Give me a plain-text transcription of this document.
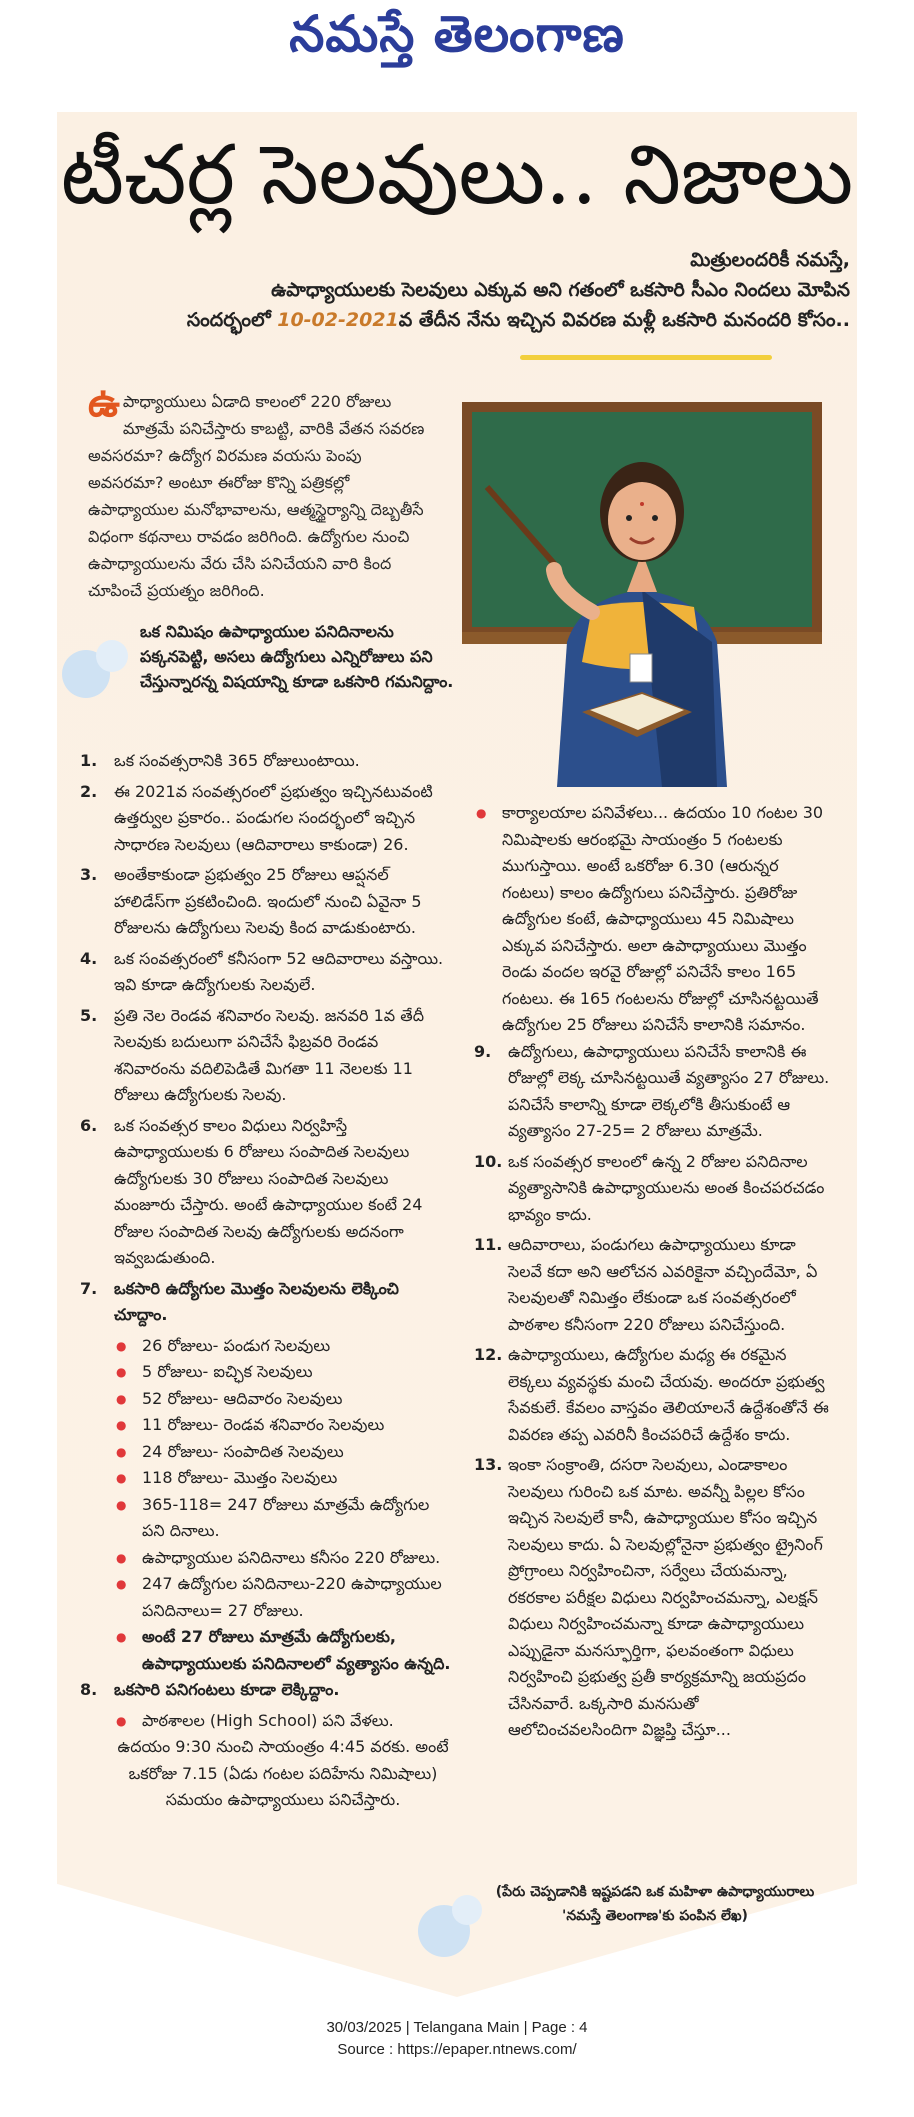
నమస్తే తెలంగాణ
టీచర్ల సెలవులు.. నిజాలు
మిత్రులందరికీ నమస్తే,
ఉపాధ్యాయులకు సెలవులు ఎక్కువ అని గతంలో ఒకసారి సీఎం నిందలు మోపిన
సందర్భంలో 10-02-2021వ తేదీన నేను ఇచ్చిన వివరణ మళ్లీ ఒకసారి మనందరి కోసం..
ఉపాధ్యాయులు ఏడాది కాలంలో 220 రోజులు మాత్రమే పనిచేస్తారు కాబట్టి, వారికి వేతన సవరణ అవసరమా? ఉద్యోగ విరమణ వయసు పెంపు అవసరమా? అంటూ ఈరోజు కొన్ని పత్రికల్లో ఉపాధ్యాయుల మనోభావాలను, ఆత్మస్థైర్యాన్ని దెబ్బతీసే విధంగా కథనాలు రావడం జరిగింది. ఉద్యోగుల నుంచి ఉపాధ్యాయులను వేరు చేసి పనిచేయని వారి కింద చూపించే ప్రయత్నం జరిగింది.
ఒక నిమిషం ఉపాధ్యాయుల పనిదినాలను పక్కనపెట్టి, అసలు ఉద్యోగులు ఎన్నిరోజులు పని చేస్తున్నారన్న విషయాన్ని కూడా ఒకసారి గమనిద్దాం.
1.	ఒక సంవత్సరానికి 365 రోజులుంటాయి.
2.	ఈ 2021వ సంవత్సరంలో ప్రభుత్వం ఇచ్చినటువంటి ఉత్తర్వుల ప్రకారం.. పండుగల సందర్భంలో ఇచ్చిన సాధారణ సెలవులు (ఆదివారాలు కాకుండా) 26.
3.	అంతేకాకుండా ప్రభుత్వం 25 రోజులు ఆప్షనల్ హాలిడేస్‌గా ప్రకటించింది. ఇందులో నుంచి ఏవైనా 5 రోజులను ఉద్యోగులు సెలవు కింద వాడుకుంటారు.
4.	ఒక సంవత్సరంలో కనీసంగా 52 ఆదివారాలు వస్తాయి. ఇవి కూడా ఉద్యోగులకు సెలవులే.
5.	ప్రతి నెల రెండవ శనివారం సెలవు. జనవరి 1వ తేదీ సెలవుకు బదులుగా పనిచేసే ఫిబ్రవరి రెండవ శనివారంను వదిలిపెడితే మిగతా 11 నెలలకు 11 రోజులు ఉద్యోగులకు సెలవు.
6.	ఒక సంవత్సర కాలం విధులు నిర్వహిస్తే ఉపాధ్యాయులకు 6 రోజులు సంపాదిత సెలవులు ఉద్యోగులకు 30 రోజులు సంపాదిత సెలవులు మంజూరు చేస్తారు. అంటే ఉపాధ్యాయుల కంటే 24 రోజుల సంపాదిత సెలవు ఉద్యోగులకు అదనంగా ఇవ్వబడుతుంది.
7.	ఒకసారి ఉద్యోగుల మొత్తం సెలవులను లెక్కించి చూద్దాం.
● 26 రోజులు- పండుగ సెలవులు
● 5 రోజులు- ఐచ్ఛిక సెలవులు
● 52 రోజులు- ఆదివారం సెలవులు
● 11 రోజులు- రెండవ శనివారం సెలవులు
● 24 రోజులు- సంపాదిత సెలవులు
● 118 రోజులు- మొత్తం సెలవులు
● 365-118= 247 రోజులు మాత్రమే ఉద్యోగుల పని దినాలు.
● ఉపాధ్యాయుల పనిదినాలు కనీసం 220 రోజులు.
● 247 ఉద్యోగుల పనిదినాలు-220 ఉపాధ్యాయుల పనిదినాలు= 27 రోజులు.
● అంటే 27 రోజులు మాత్రమే ఉద్యోగులకు, ఉపాధ్యాయులకు పనిదినాలలో వ్యత్యాసం ఉన్నది.
8.	ఒకసారి పనిగంటలు కూడా లెక్కిద్దాం.
● పాఠశాలల (High School) పని వేళలు.
ఉదయం 9:30 నుంచి సాయంత్రం 4:45 వరకు. అంటే ఒకరోజు 7.15 (ఏడు గంటల పదిహేను నిమిషాలు) సమయం ఉపాధ్యాయులు పనిచేస్తారు.
● కార్యాలయాల పనివేళలు... ఉదయం 10 గంటల 30 నిమిషాలకు ఆరంభమై సాయంత్రం 5 గంటలకు ముగుస్తాయి. అంటే ఒకరోజు 6.30 (ఆరున్నర గంటలు) కాలం ఉద్యోగులు పనిచేస్తారు. ప్రతిరోజు ఉద్యోగుల కంటే, ఉపాధ్యాయులు 45 నిమిషాలు ఎక్కువ పనిచేస్తారు. అలా ఉపాధ్యాయులు మొత్తం రెండు వందల ఇరవై రోజుల్లో పనిచేసే కాలం 165 గంటలు. ఈ 165 గంటలను రోజుల్లో చూసినట్టయితే ఉద్యోగుల 25 రోజులు పనిచేసే కాలానికి సమానం.
9.	ఉద్యోగులు, ఉపాధ్యాయులు పనిచేసే కాలానికి ఈ రోజుల్లో లెక్క చూసినట్టయితే వ్యత్యాసం 27 రోజులు. పనిచేసే కాలాన్ని కూడా లెక్కలోకి తీసుకుంటే ఆ వ్యత్యాసం 27-25= 2 రోజులు మాత్రమే.
10. ఒక సంవత్సర కాలంలో ఉన్న 2 రోజుల పనిదినాల వ్యత్యాసానికి ఉపాధ్యాయులను అంత కించపరచడం భావ్యం కాదు.
11. ఆదివారాలు, పండుగలు ఉపాధ్యాయులు కూడా సెలవే కదా అని ఆలోచన ఎవరికైనా వచ్చిందేమో, ఏ సెలవులతో నిమిత్తం లేకుండా ఒక సంవత్సరంలో పాఠశాల కనీసంగా 220 రోజులు పనిచేస్తుంది.
12. ఉపాధ్యాయులు, ఉద్యోగుల మధ్య ఈ రకమైన లెక్కలు వ్యవస్థకు మంచి చేయవు. అందరూ ప్రభుత్వ సేవకులే. కేవలం వాస్తవం తెలియాలనే ఉద్దేశంతోనే ఈ వివరణ తప్ప ఎవరినీ కించపరిచే ఉద్దేశం కాదు.
13. ఇంకా సంక్రాంతి, దసరా సెలవులు, ఎండాకాలం సెలవులు గురించి ఒక మాట. అవన్నీ పిల్లల కోసం ఇచ్చిన సెలవులే కానీ, ఉపాధ్యాయుల కోసం ఇచ్చిన సెలవులు కాదు. ఏ సెలవుల్లోనైనా ప్రభుత్వం ట్రైనింగ్ ప్రోగ్రాంలు నిర్వహించినా, సర్వేలు చేయమన్నా, రకరకాల పరీక్షల విధులు నిర్వహించమన్నా, ఎలక్షన్ విధులు నిర్వహించమన్నా కూడా ఉపాధ్యాయులు ఎప్పుడైనా మనస్ఫూర్తిగా, ఫలవంతంగా విధులు నిర్వహించి ప్రభుత్వ ప్రతీ కార్యక్రమాన్ని జయప్రదం చేసినవారే. ఒక్కసారి మనసుతో ఆలోచించవలసిందిగా విజ్ఞప్తి చేస్తూ...
(పేరు చెప్పడానికి ఇష్టపడని ఒక మహిళా ఉపాధ్యాయురాలు 'నమస్తే తెలంగాణ'కు పంపిన లేఖ)
30/03/2025 | Telangana Main | Page : 4
Source : https://epaper.ntnews.com/
